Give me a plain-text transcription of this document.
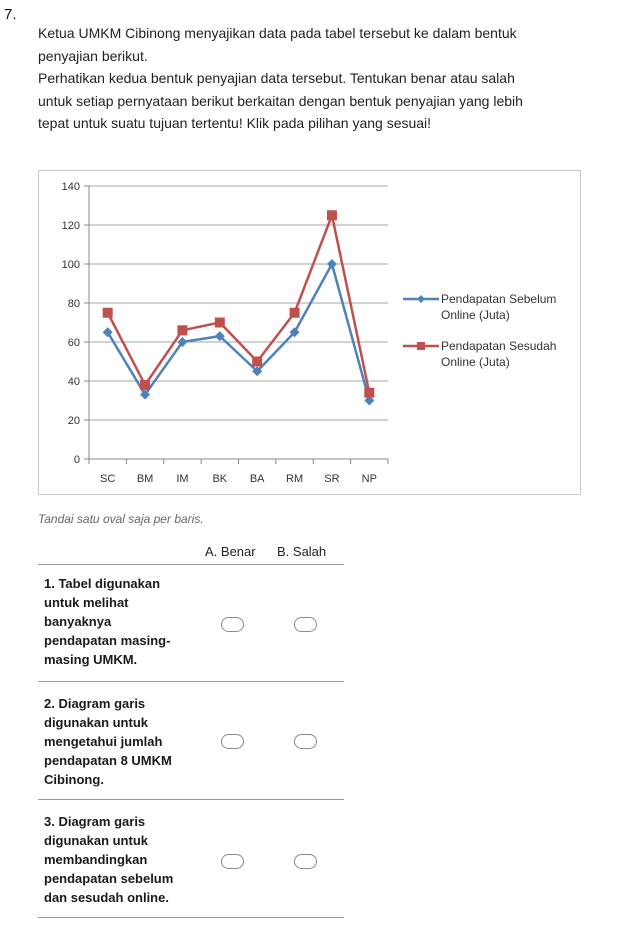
7.

Ketua UMKM Cibinong menyajikan data pada tabel tersebut ke dalam bentuk

penyajian berikut.

Perhatikan kedua bentuk penyajian data tersebut. Tentukan benar atau salah

untuk setiap pernyataan berikut berkaitan dengan bentuk penyajian yang lebih

tepat untuk suatu tujuan tertentu! Klik pada pilihan yang sesuai!

0
20
40
60
80
100
120
140
SC BM IM BK BA RM SR NP
Pendapatan Sebelum
Online (Juta)
Pendapatan Sesudah
Online (Juta)
Tandai satu oval saja per baris.
A. Benar B. Salah
1. Tabel digunakan
untuk melihat
banyaknya
pendapatan masing-
masing UMKM.
2. Diagram garis
digunakan untuk
mengetahui jumlah
pendapatan 8 UMKM
Cibinong.
3. Diagram garis
digunakan untuk
membandingkan
pendapatan sebelum
dan sesudah online.
